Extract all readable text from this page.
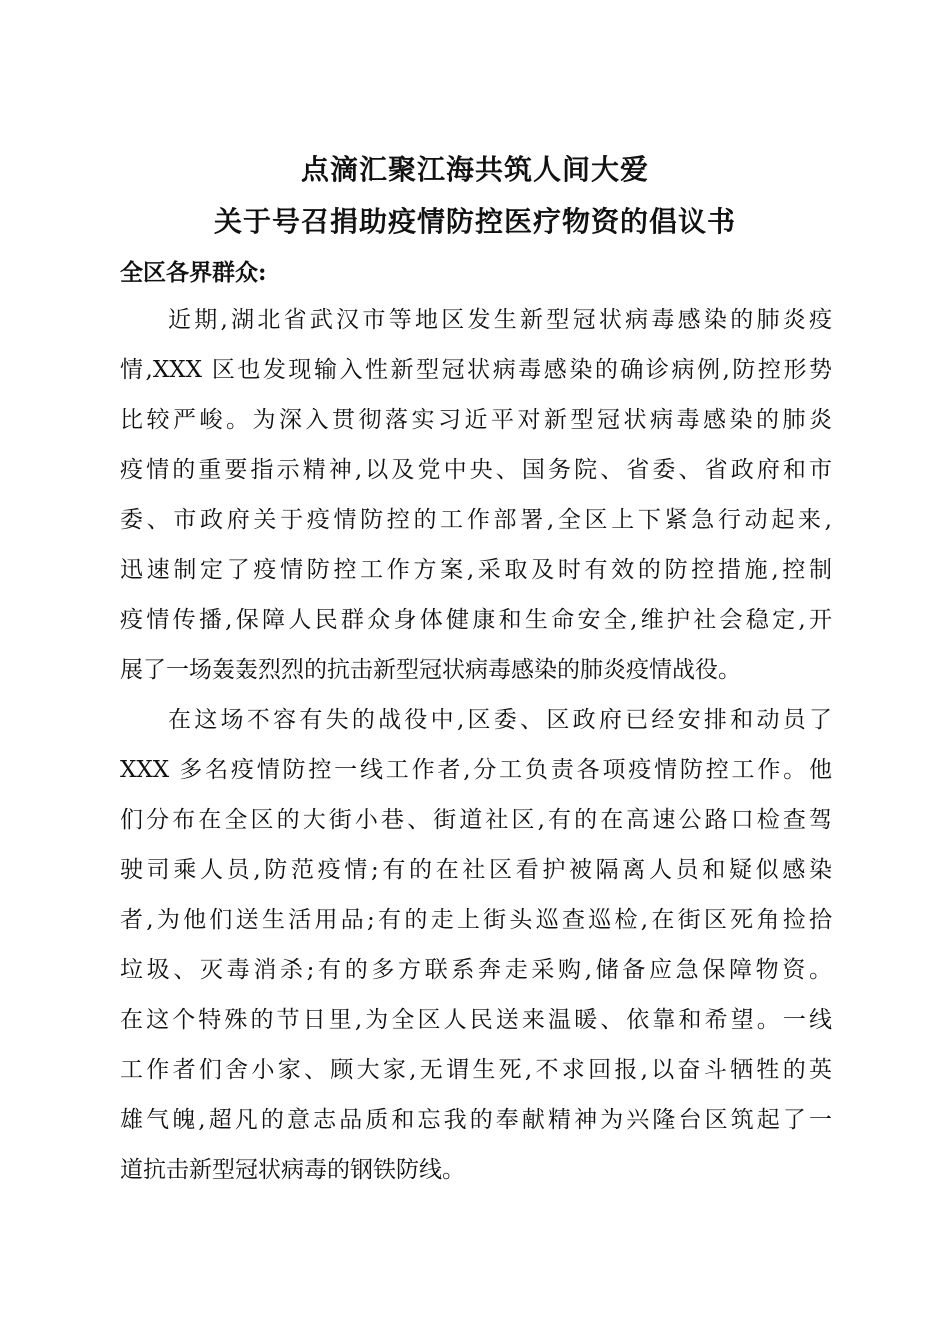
点滴汇聚江海共筑人间大爱
关于号召捐助疫情防控医疗物资的倡议书
全区各界群众:
近期,湖北省武汉市等地区发生新型冠状病毒感染的肺炎疫
情,XXX 区也发现输入性新型冠状病毒感染的确诊病例,防控形势
比较严峻。为深入贯彻落实习近平对新型冠状病毒感染的肺炎
疫情的重要指示精神,以及党中央、国务院、省委、省政府和市
委、市政府关于疫情防控的工作部署,全区上下紧急行动起来,
迅速制定了疫情防控工作方案,采取及时有效的防控措施,控制
疫情传播,保障人民群众身体健康和生命安全,维护社会稳定,开
展了一场轰轰烈烈的抗击新型冠状病毒感染的肺炎疫情战役。
在这场不容有失的战役中,区委、区政府已经安排和动员了
XXX 多名疫情防控一线工作者,分工负责各项疫情防控工作。他
们分布在全区的大街小巷、街道社区,有的在高速公路口检查驾
驶司乘人员,防范疫情;有的在社区看护被隔离人员和疑似感染
者,为他们送生活用品;有的走上街头巡查巡检,在街区死角捡拾
垃圾、灭毒消杀;有的多方联系奔走采购,储备应急保障物资。
在这个特殊的节日里,为全区人民送来温暖、依靠和希望。一线
工作者们舍小家、顾大家,无谓生死,不求回报,以奋斗牺牲的英
雄气魄,超凡的意志品质和忘我的奉献精神为兴隆台区筑起了一
道抗击新型冠状病毒的钢铁防线。
